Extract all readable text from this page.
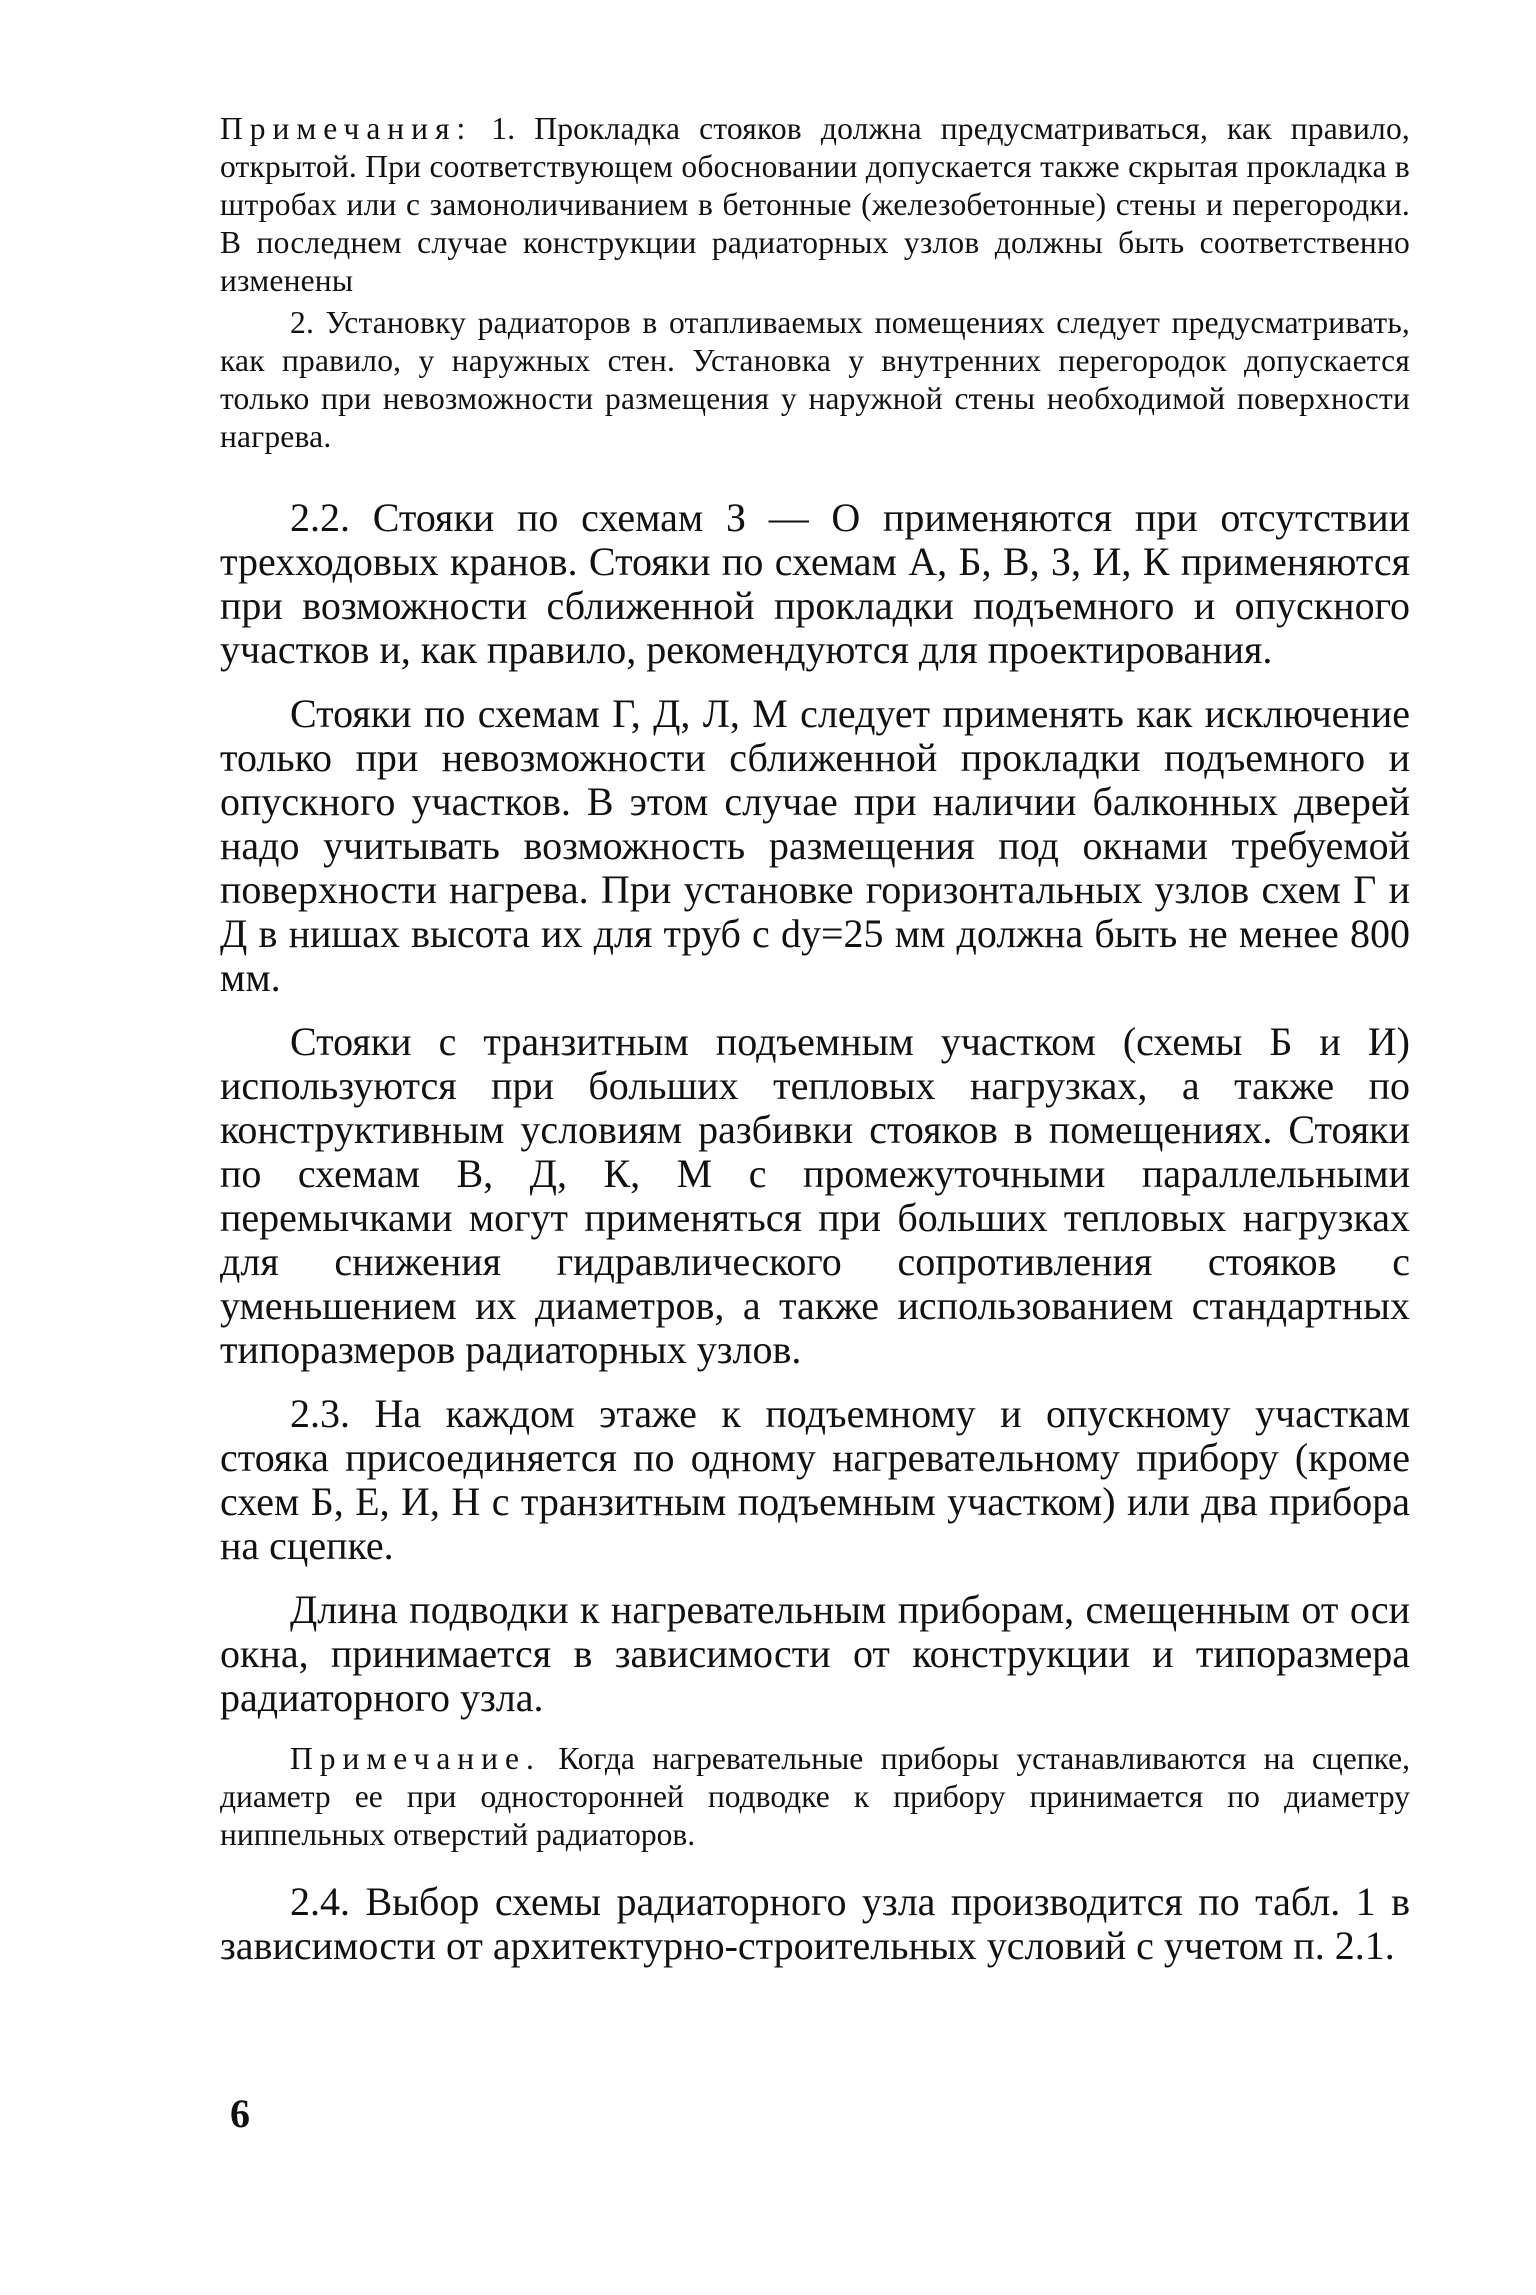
Примечания: 1. Прокладка стояков должна предусматриваться, как правило, открытой. При соответствующем обосновании допускается также скрытая прокладка в штробах или с замоноличиванием в бетонные (железобетонные) стены и перегородки. В последнем случае конструкции радиаторных узлов должны быть соответственно изменены

2. Установку радиаторов в отапливаемых помещениях следует предусматривать, как правило, у наружных стен. Установка у внутренних перегородок допускается только при невозможности размещения у наружной стены необходимой поверхности нагрева.

2.2. Стояки по схемам З — О применяются при отсутствии трехходовых кранов. Стояки по схемам А, Б, В, З, И, К применяются при возможности сближенной прокладки подъемного и опускного участков и, как правило, рекомендуются для проектирования.

Стояки по схемам Г, Д, Л, М следует применять как исключение только при невозможности сближенной прокладки подъемного и опускного участков. В этом случае при наличии балконных дверей надо учитывать возможность размещения под окнами требуемой поверхности нагрева. При установке горизонтальных узлов схем Г и Д в нишах высота их для труб с dу=25 мм должна быть не менее 800 мм.

Стояки с транзитным подъемным участком (схемы Б и И) используются при больших тепловых нагрузках, а также по конструктивным условиям разбивки стояков в помещениях. Стояки по схемам В, Д, К, М с промежуточными параллельными перемычками могут применяться при больших тепловых нагрузках для снижения гидравлического сопротивления стояков с уменьшением их диаметров, а также использованием стандартных типоразмеров радиаторных узлов.

2.3. На каждом этаже к подъемному и опускному участкам стояка присоединяется по одному нагревательному прибору (кроме схем Б, Е, И, Н с транзитным подъемным участком) или два прибора на сцепке.

Длина подводки к нагревательным приборам, смещенным от оси окна, принимается в зависимости от конструкции и типоразмера радиаторного узла.

Примечание. Когда нагревательные приборы устанавливаются на сцепке, диаметр ее при односторонней подводке к прибору принимается по диаметру ниппельных отверстий радиаторов.

2.4. Выбор схемы радиаторного узла производится по табл. 1 в зависимости от архитектурно-строительных условий с учетом п. 2.1.

6
